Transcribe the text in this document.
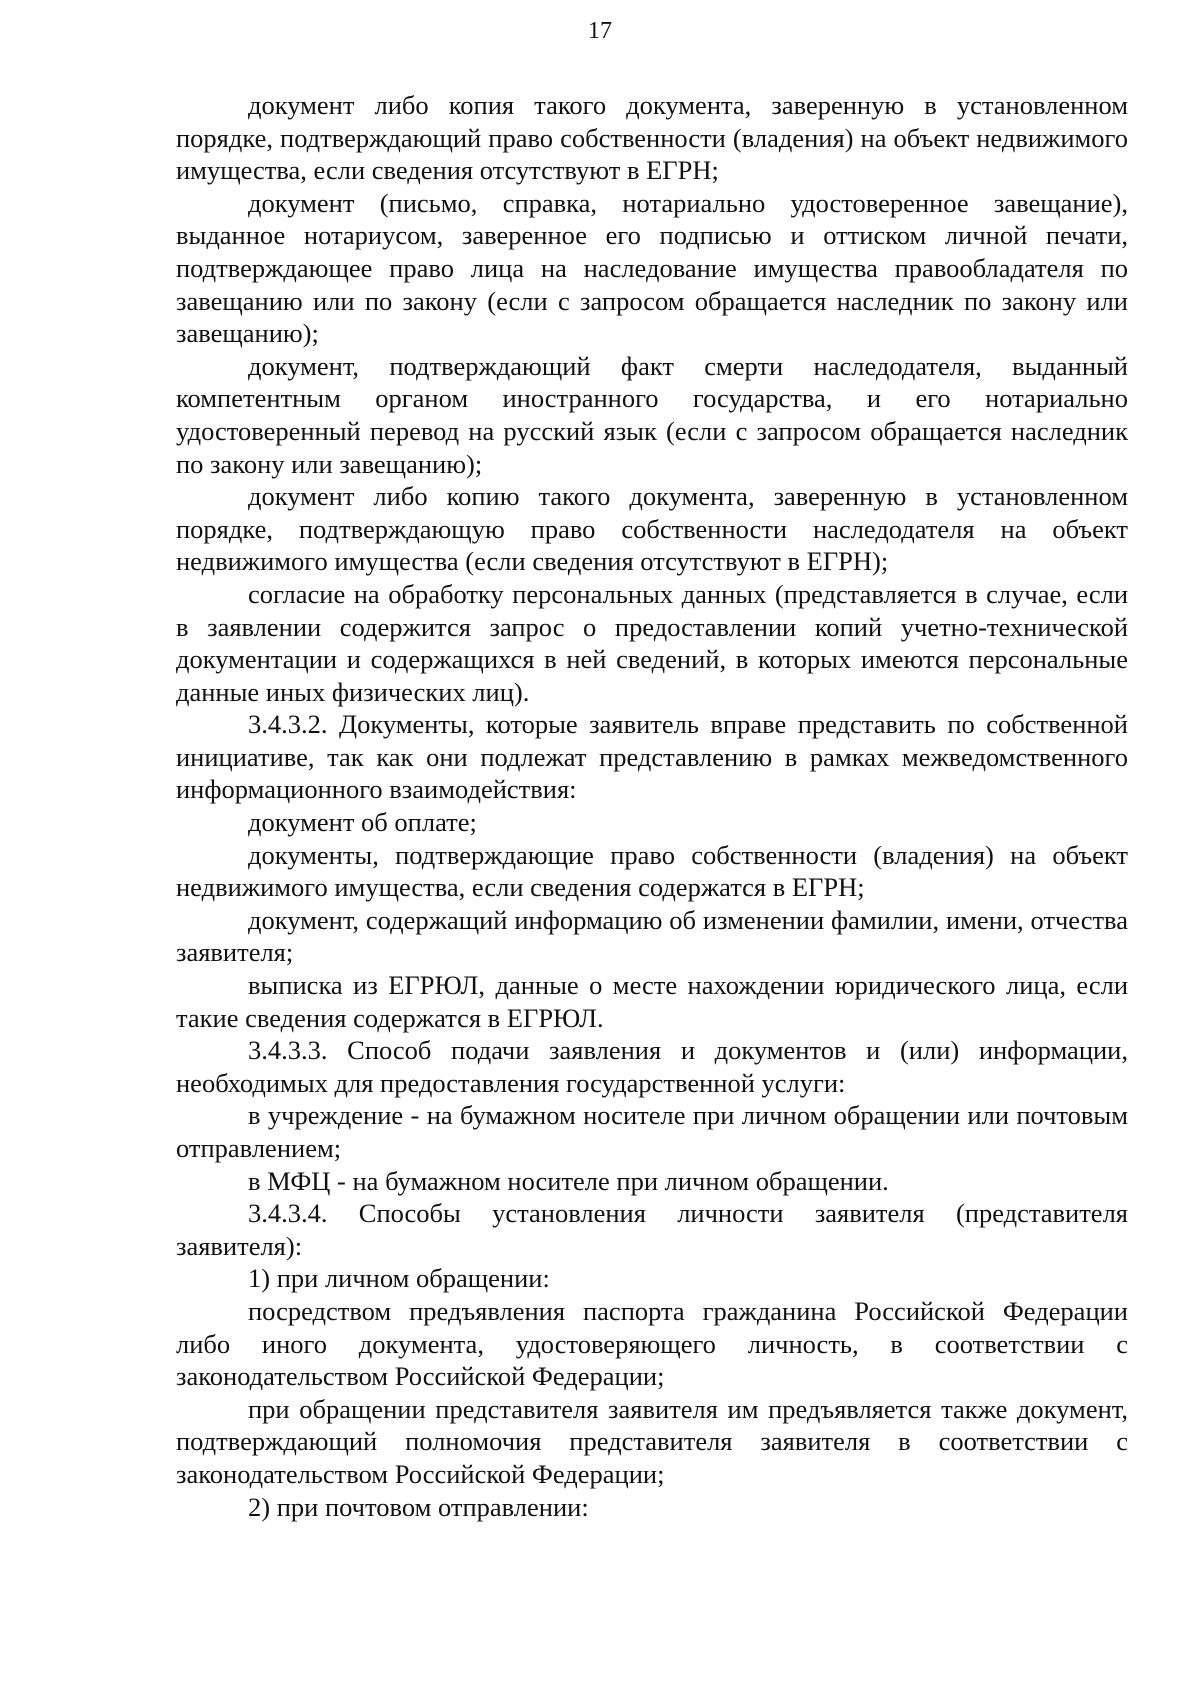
17

документ либо копия такого документа, заверенную в установленном порядке, подтверждающий право собственности (владения) на объект недвижимого имущества, если сведения отсутствуют в ЕГРН;

документ (письмо, справка, нотариально удостоверенное завещание), выданное нотариусом, заверенное его подписью и оттиском личной печати, подтверждающее право лица на наследование имущества правообладателя по завещанию или по закону (если с запросом обращается наследник по закону или завещанию);

документ, подтверждающий факт смерти наследодателя, выданный компетентным органом иностранного государства, и его нотариально удостоверенный перевод на русский язык (если с запросом обращается наследник по закону или завещанию);

документ либо копию такого документа, заверенную в установленном порядке, подтверждающую право собственности наследодателя на объект недвижимого имущества (если сведения отсутствуют в ЕГРН);

согласие на обработку персональных данных (представляется в случае, если в заявлении содержится запрос о предоставлении копий учетно-технической документации и содержащихся в ней сведений, в которых имеются персональные данные иных физических лиц).

3.4.3.2. Документы, которые заявитель вправе представить по собственной инициативе, так как они подлежат представлению в рамках межведомственного информационного взаимодействия:

документ об оплате;

документы, подтверждающие право собственности (владения) на объект недвижимого имущества, если сведения содержатся в ЕГРН;

документ, содержащий информацию об изменении фамилии, имени, отчества заявителя;

выписка из ЕГРЮЛ, данные о месте нахождении юридического лица, если такие сведения содержатся в ЕГРЮЛ.

3.4.3.3. Способ подачи заявления и документов и (или) информации, необходимых для предоставления государственной услуги:

в учреждение - на бумажном носителе при личном обращении или почтовым отправлением;

в МФЦ - на бумажном носителе при личном обращении.

3.4.3.4. Способы установления личности заявителя (представителя заявителя):

1) при личном обращении:

посредством предъявления паспорта гражданина Российской Федерации либо иного документа, удостоверяющего личность, в соответствии с законодательством Российской Федерации;

при обращении представителя заявителя им предъявляется также документ, подтверждающий полномочия представителя заявителя в соответствии с законодательством Российской Федерации;

2) при почтовом отправлении:
